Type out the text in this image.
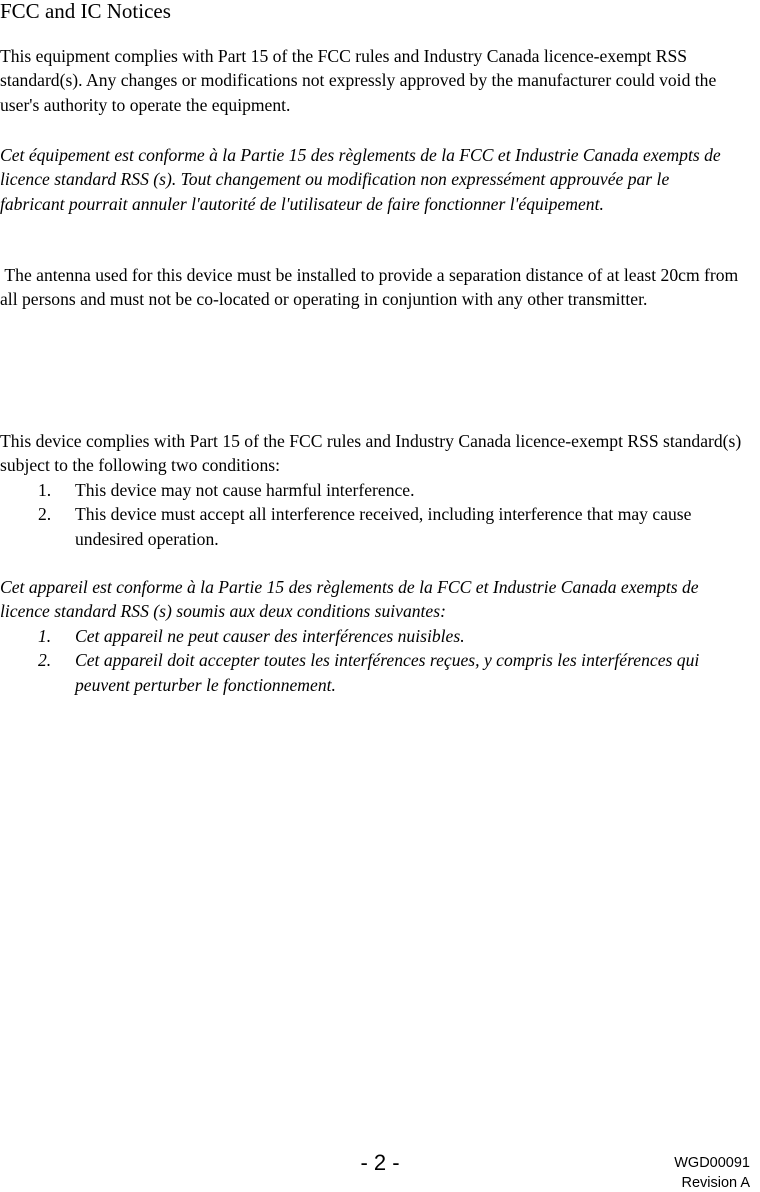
FCC and IC Notices

This equipment complies with Part 15 of the FCC rules and Industry Canada licence-exempt RSS standard(s). Any changes or modifications not expressly approved by the manufacturer could void the user's authority to operate the equipment.

Cet équipement est conforme à la Partie 15 des règlements de la FCC et Industrie Canada exempts de licence standard RSS (s). Tout changement ou modification non expressément approuvée par le fabricant pourrait annuler l'autorité de l'utilisateur de faire fonctionner l'équipement.

The antenna used for this device must be installed to provide a separation distance of at least 20cm from all persons and must not be co-located or operating in conjuntion with any other transmitter.

This device complies with Part 15 of the FCC rules and Industry Canada licence-exempt RSS standard(s) subject to the following two conditions:

1. This device may not cause harmful interference.
2. This device must accept all interference received, including interference that may cause undesired operation.

Cet appareil est conforme à la Partie 15 des règlements de la FCC et Industrie Canada exempts de licence standard RSS (s) soumis aux deux conditions suivantes:

1. Cet appareil ne peut causer des interférences nuisibles.
2. Cet appareil doit accepter toutes les interférences reçues, y compris les interférences qui peuvent perturber le fonctionnement.
- 2 -	WGD00091
Revision A
